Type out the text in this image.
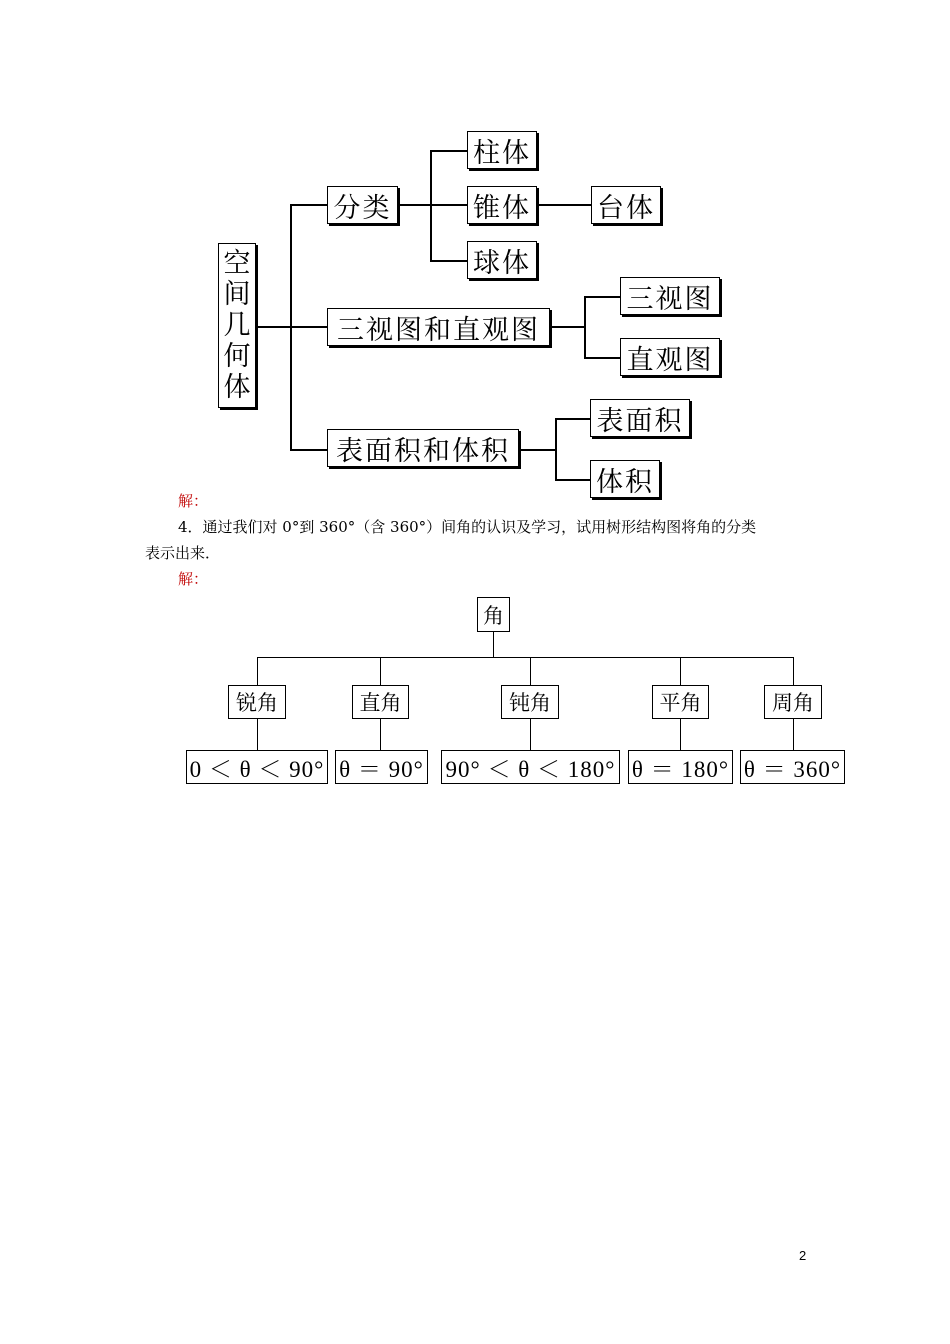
空
间
几
何
体
分类
柱体
锥体
球体
台体
三视图和直观图
三视图
直观图
表面积和体积
表面积
体积
解：
4．通过我们对 0°到 360°（含 360°）间角的认识及学习，试用树形结构图将角的分类
表示出来．
解：
角
锐角	直角	钝角	平角	周角
0 ＜ θ ＜ 90° θ ＝ 90° 90° ＜ θ ＜ 180° θ ＝ 180° θ ＝ 360°
2
